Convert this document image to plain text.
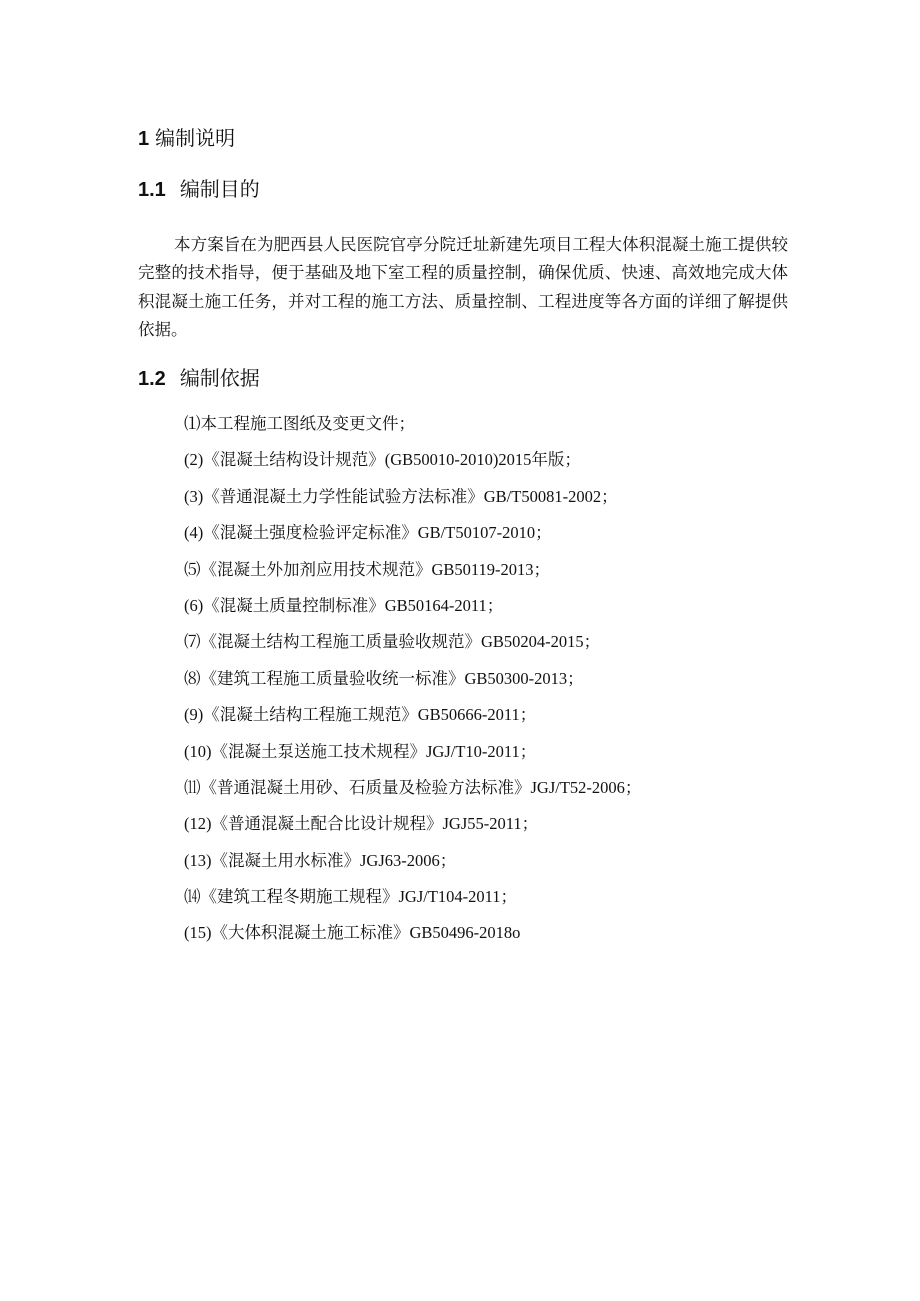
1 编制说明
1.1 编制目的

本方案旨在为肥西县人民医院官亭分院迁址新建先项目工程大体积混凝土施工提供较完整的技术指导，便于基础及地下室工程的质量控制，确保优质、快速、高效地完成大体积混凝土施工任务，并对工程的施工方法、质量控制、工程进度等各方面的详细了解提供依据。

1.2 编制依据
⑴本工程施工图纸及变更文件；
(2)《混凝土结构设计规范》(GB50010-2010)2015年版；
(3)《普通混凝土力学性能试验方法标准》GB/T50081-2002；
(4)《混凝土强度检验评定标准》GB/T50107-2010；
⑸《混凝土外加剂应用技术规范》GB50119-2013；
(6)《混凝土质量控制标准》GB50164-2011；
⑺《混凝土结构工程施工质量验收规范》GB50204-2015；
⑻《建筑工程施工质量验收统一标准》GB50300-2013；
(9)《混凝土结构工程施工规范》GB50666-2011；
(10)《混凝土泵送施工技术规程》JGJ/T10-2011；
⑾《普通混凝土用砂、石质量及检验方法标准》JGJ/T52-2006；
(12)《普通混凝土配合比设计规程》JGJ55-2011；
(13)《混凝土用水标准》JGJ63-2006；
⒁《建筑工程冬期施工规程》JGJ/T104-2011；
(15)《大体积混凝土施工标准》GB50496-2018o
